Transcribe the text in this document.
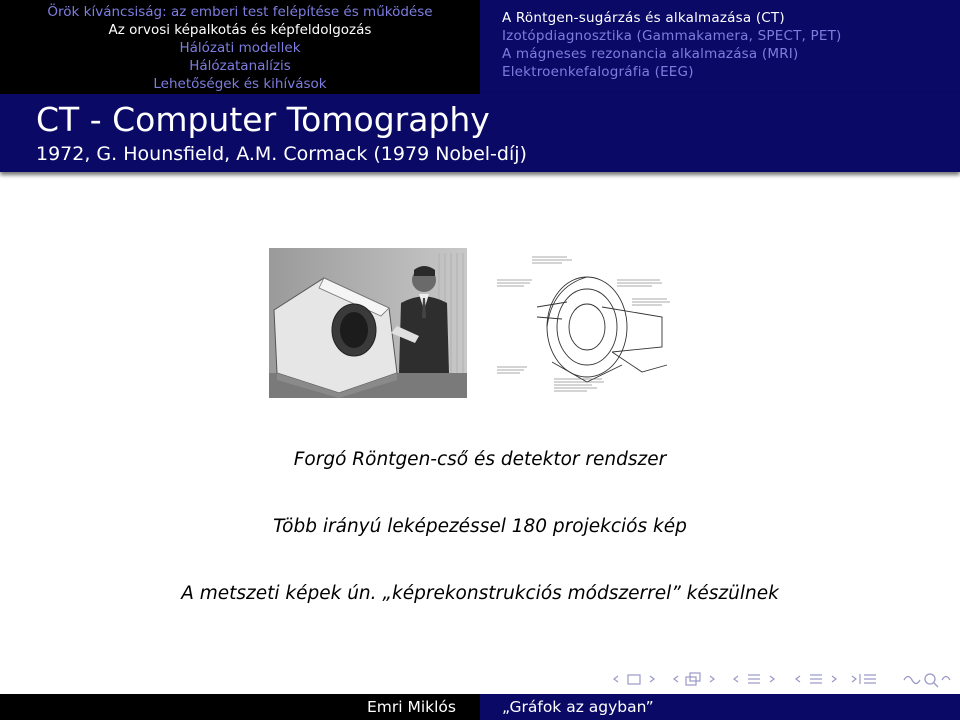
Örök kíváncsiság: az emberi test felépítése és működése
Az orvosi képalkotás és képfeldolgozás
Hálózati modellek
Hálózatanalízis
Lehetőségek és kihívások
A Röntgen-sugárzás és alkalmazása (CT)
Izotópdiagnosztika (Gammakamera, SPECT, PET)
A mágneses rezonancia alkalmazása (MRI)
Elektroenkefalográfia (EEG)
CT - Computer Tomography
1972, G. Hounsfield, A.M. Cormack (1979 Nobel-díj)
Forgó Röntgen-cső és detektor rendszer
Több irányú leképezéssel 180 projekciós kép
A metszeti képek ún. „képrekonstrukciós módszerrel” készülnek
Emri Miklós	„Gráfok az agyban”
